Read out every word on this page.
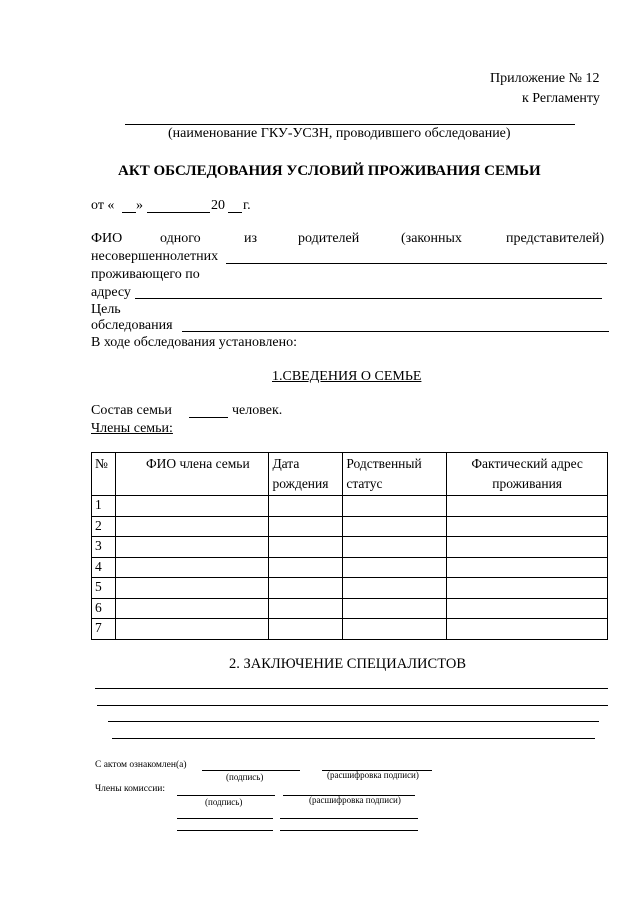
Приложение № 12
к Регламенту
(наименование ГКУ-УСЗН, проводившего обследование)
АКТ ОБСЛЕДОВАНИЯ УСЛОВИЙ ПРОЖИВАНИЯ СЕМЬИ
от « »	20 г.
ФИО	одного	из	родителей	(законных	представителей)
несовершеннолетних
проживающего по
адресу
Цель
обследования
В ходе обследования установлено:
1.СВЕДЕНИЯ О СЕМЬЕ
Состав семьи	человек.
Члены семьи:
№	ФИО члена семьи	Дата рождения	Родственный статус	Фактический адрес проживания
1				
2				
3				
4				
5				
6				
7				
2. ЗАКЛЮЧЕНИЕ СПЕЦИАЛИСТОВ
С актом ознакомлен(а)
(подпись)	(расшифровка подписи)
Члены комиссии:
(подпись)	(расшифровка подписи)
